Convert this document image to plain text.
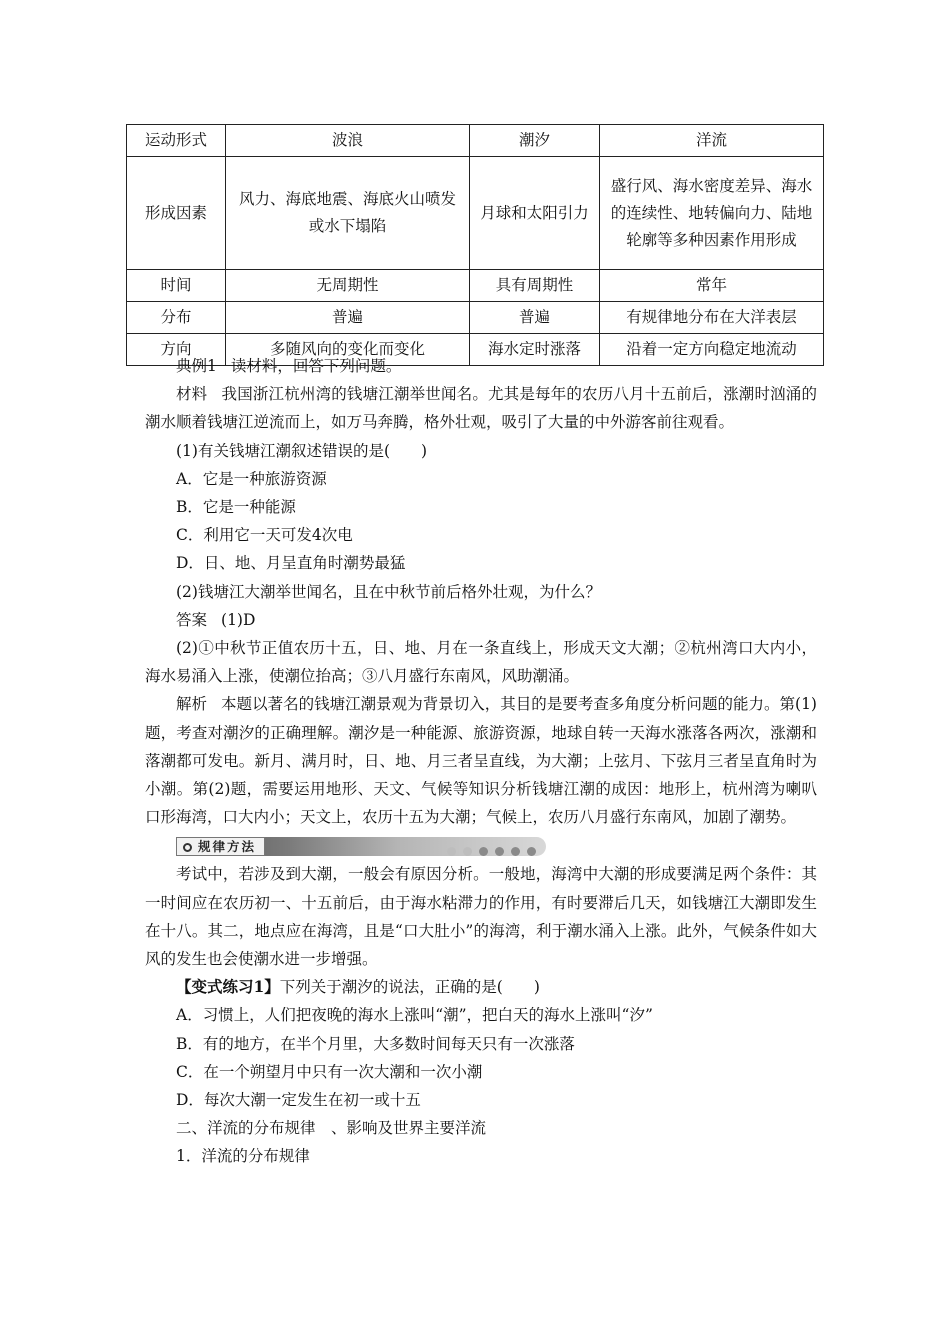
运动形式	波浪	潮汐	洋流
形成因素	风力、海底地震、海底火山喷发或水下塌陷	月球和太阳引力	盛行风、海水密度差异、海水的连续性、地转偏向力、陆地轮廓等多种因素作用形成
时间	无周期性	具有周期性	常年
分布	普遍	普遍	有规律地分布在大洋表层
方向	多随风向的变化而变化	海水定时涨落	沿着一定方向稳定地流动

典例1 读材料，回答下列问题。

材料 我国浙江杭州湾的钱塘江潮举世闻名。尤其是每年的农历八月十五前后，涨潮时汹涌的潮水顺着钱塘江逆流而上，如万马奔腾，格外壮观，吸引了大量的中外游客前往观看。

(1)有关钱塘江潮叙述错误的是(　　)

A．它是一种旅游资源

B．它是一种能源

C．利用它一天可发4次电

D．日、地、月呈直角时潮势最猛

(2)钱塘江大潮举世闻名，且在中秋节前后格外壮观，为什么？

答案 (1)D

(2)①中秋节正值农历十五，日、地、月在一条直线上，形成天文大潮；②杭州湾口大内小，海水易涌入上涨，使潮位抬高；③八月盛行东南风，风助潮涌。

解析 本题以著名的钱塘江潮景观为背景切入，其目的是要考查多角度分析问题的能力。第(1)题，考查对潮汐的正确理解。潮汐是一种能源、旅游资源，地球自转一天海水涨落各两次，涨潮和落潮都可发电。新月、满月时，日、地、月三者呈直线，为大潮；上弦月、下弦月三者呈直角时为小潮。第(2)题，需要运用地形、天文、气候等知识分析钱塘江潮的成因：地形上，杭州湾为喇叭口形海湾，口大内小；天文上，农历十五为大潮；气候上，农历八月盛行东南风，加剧了潮势。

规律方法

考试中，若涉及到大潮，一般会有原因分析。一般地，海湾中大潮的形成要满足两个条件：其一时间应在农历初一、十五前后，由于海水粘滞力的作用，有时要滞后几天，如钱塘江大潮即发生在十八。其二，地点应在海湾，且是“口大肚小”的海湾，利于潮水涌入上涨。此外，气候条件如大风的发生也会使潮水进一步增强。

【变式练习1】下列关于潮汐的说法，正确的是(　　)

A．习惯上，人们把夜晚的海水上涨叫“潮”，把白天的海水上涨叫“汐”

B．有的地方，在半个月里，大多数时间每天只有一次涨落

C．在一个朔望月中只有一次大潮和一次小潮

D．每次大潮一定发生在初一或十五

二、洋流的分布规律　、影响及世界主要洋流

1．洋流的分布规律
